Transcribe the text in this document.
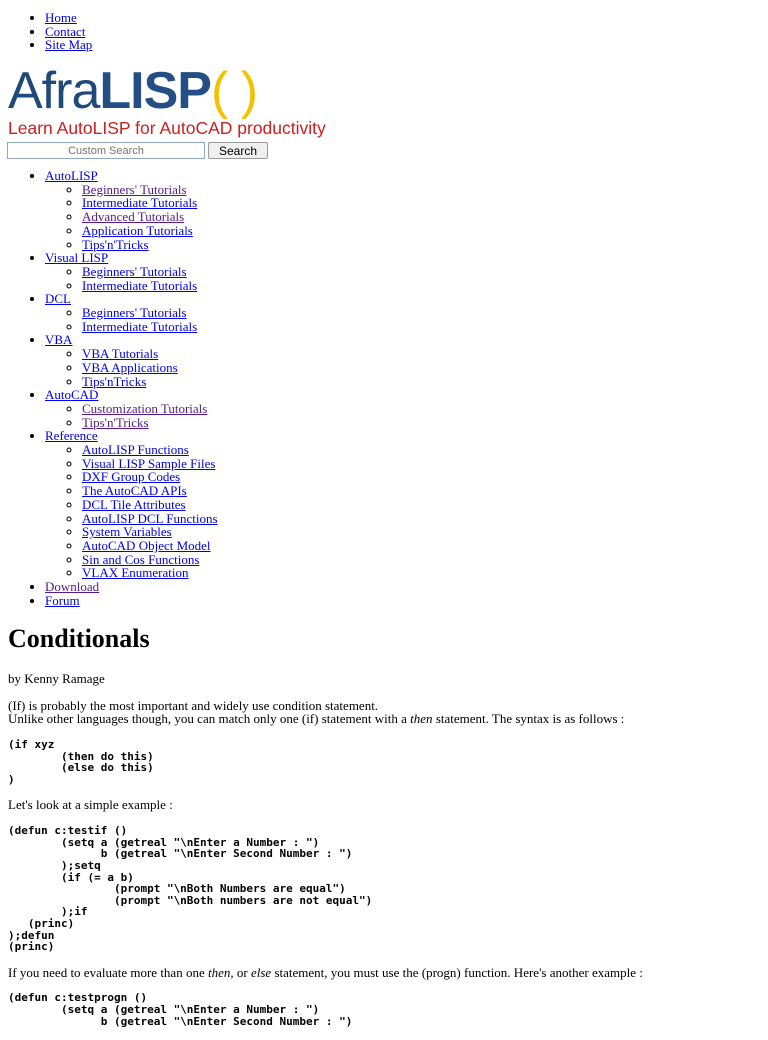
• Home
• Contact
• Site Map
AfraLISP( )
Learn AutoLISP for AutoCAD productivity
Custom SearchSearch
• AutoLISP
◦ Beginners' Tutorials
◦ Intermediate Tutorials
◦ Advanced Tutorials
◦ Application Tutorials
◦ Tips'n'Tricks
• Visual LISP
◦ Beginners' Tutorials
◦ Intermediate Tutorials
• DCL
◦ Beginners' Tutorials
◦ Intermediate Tutorials
• VBA
◦ VBA Tutorials
◦ VBA Applications
◦ Tips'nTricks
• AutoCAD
◦ Customization Tutorials
◦ Tips'n'Tricks
• Reference
◦ AutoLISP Functions
◦ Visual LISP Sample Files
◦ DXF Group Codes
◦ The AutoCAD APIs
◦ DCL Tile Attributes
◦ AutoLISP DCL Functions
◦ System Variables
◦ AutoCAD Object Model
◦ Sin and Cos Functions
◦ VLAX Enumeration
• Download
• Forum
Conditionals

by Kenny Ramage

(If) is probably the most important and widely use condition statement.
Unlike other languages though, you can match only one (if) statement with a then statement. The syntax is as follows :

(if xyz
(then do this)
(else do this)
)

Let's look at a simple example :

(defun c:testif ()
(setq a (getreal "\nEnter a Number : ")
b (getreal "\nEnter Second Number : ")
);setq
(if (= a b)
(prompt "\nBoth Numbers are equal")
(prompt "\nBoth numbers are not equal")
);if
(princ)
);defun
(princ)

If you need to evaluate more than one then, or else statement, you must use the (progn) function. Here's another example :

(defun c:testprogn ()
(setq a (getreal "\nEnter a Number : ")
b (getreal "\nEnter Second Number : ")
